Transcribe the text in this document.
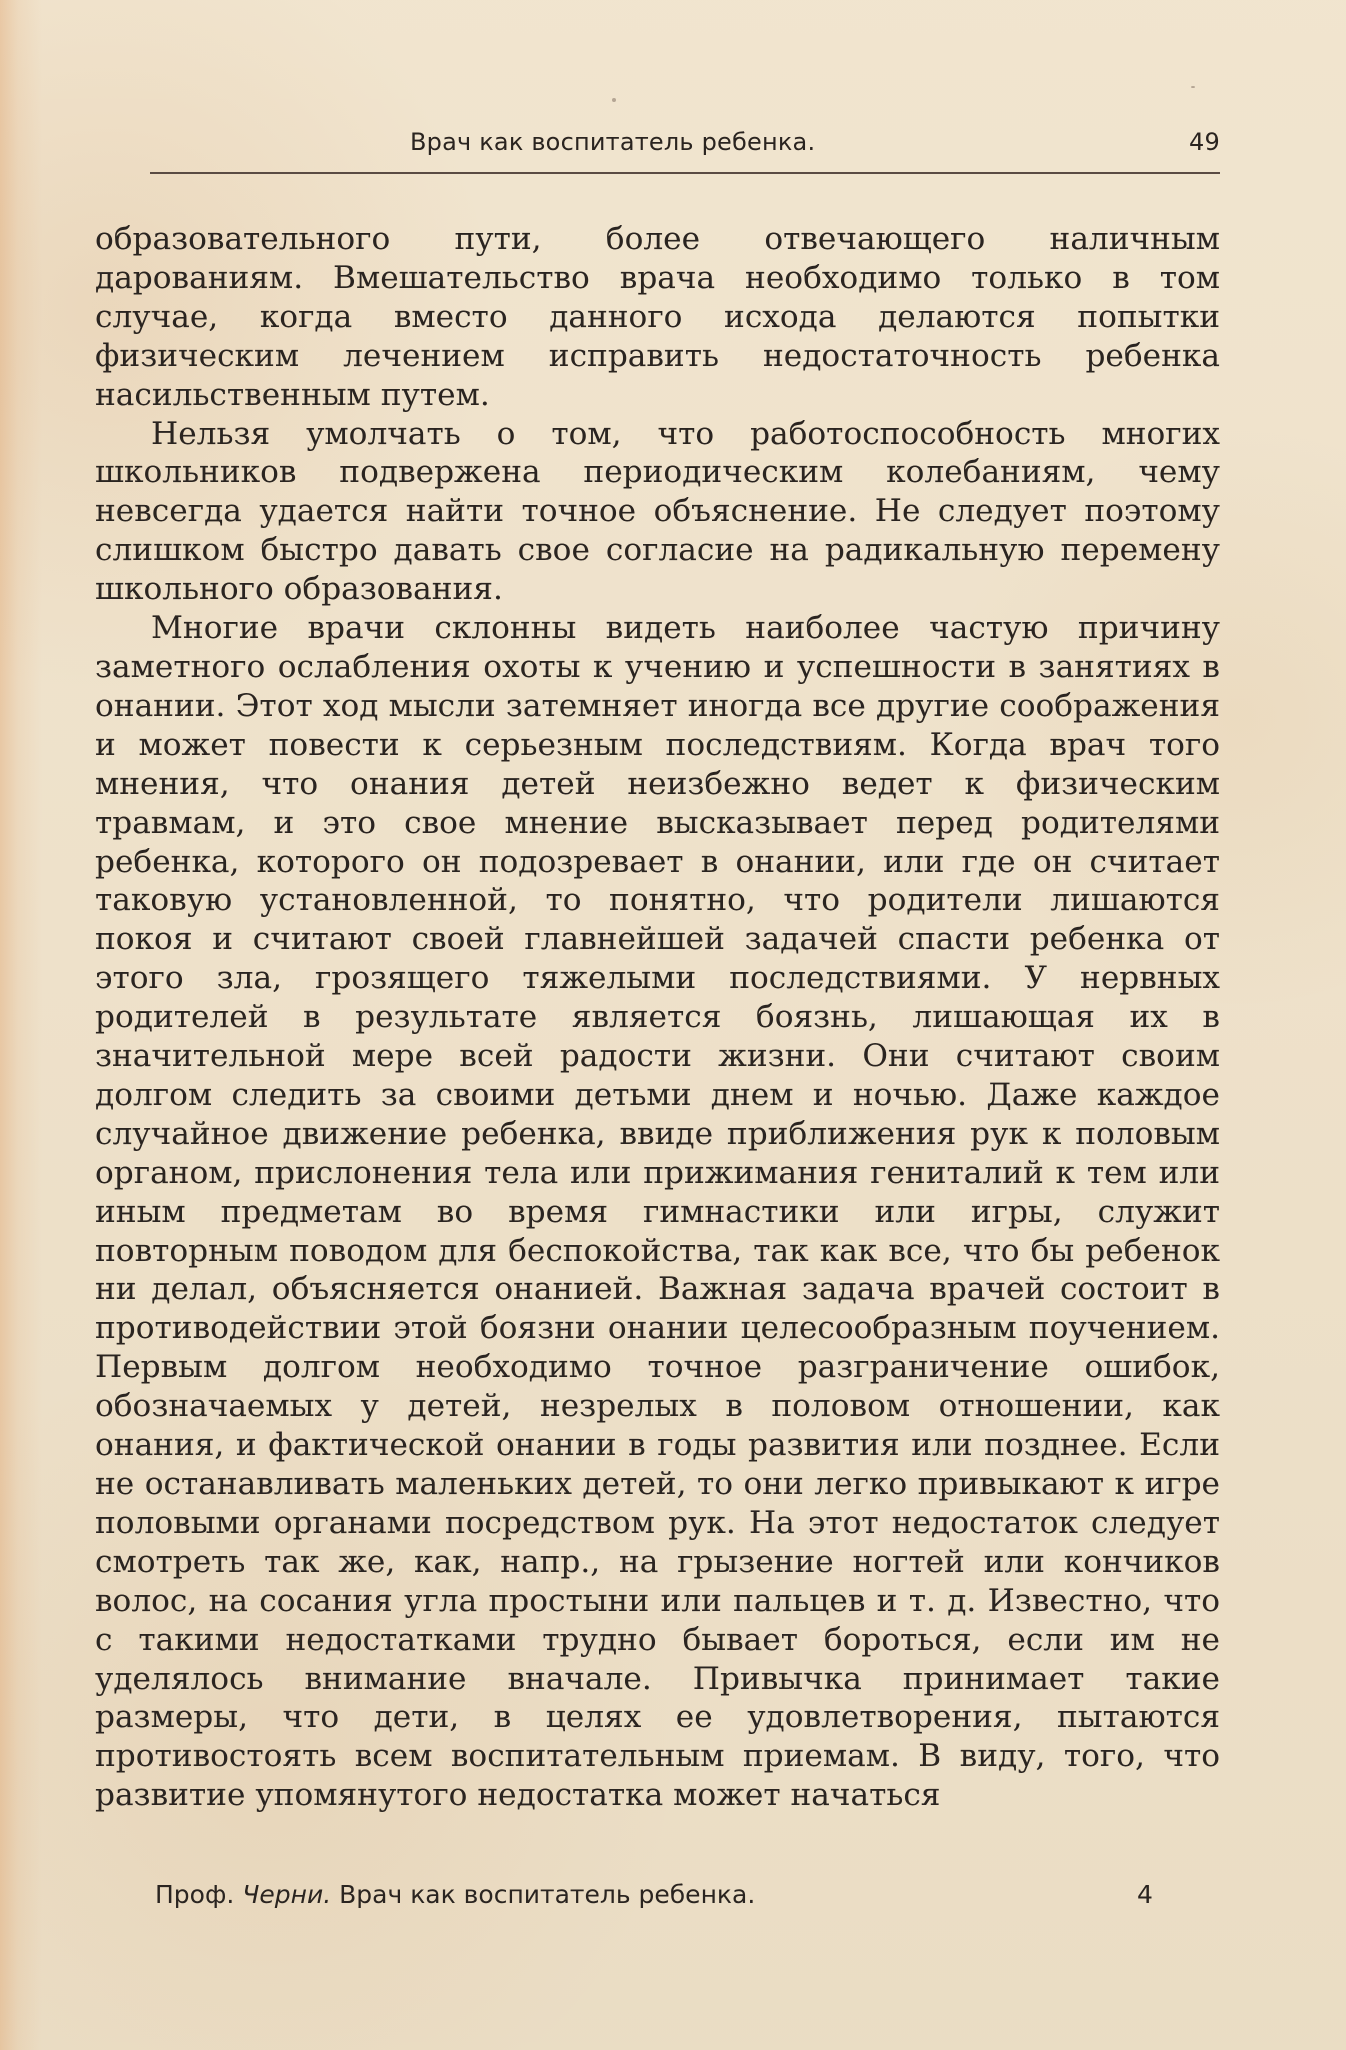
Врач как воспитатель ребенка.	49

образовательного пути, более отвечающего наличным дарованиям. Вмешательство врача необходимо только в том случае, когда вместо данного исхода делаются попытки физическим лечением исправить недостаточность ребенка насильственным путем.

Нельзя умолчать о том, что работоспособность многих школьников подвержена периодическим колебаниям, чему невсегда удается найти точное объяснение. Не следует поэтому слишком быстро давать свое согласие на радикальную перемену школьного образования.

Многие врачи склонны видеть наиболее частую причину заметного ослабления охоты к учению и успешности в занятиях в онании. Этот ход мысли затемняет иногда все другие соображения и может повести к серьезным последствиям. Когда врач того мнения, что онания детей неизбежно ведет к физическим травмам, и это свое мнение высказывает перед родителями ребенка, которого он подозревает в онании, или где он считает таковую установленной, то понятно, что родители лишаются покоя и считают своей главнейшей задачей спасти ребенка от этого зла, грозящего тяжелыми последствиями. У нервных родителей в результате является боязнь, лишающая их в значительной мере всей радости жизни. Они считают своим долгом следить за своими детьми днем и ночью. Даже каждое случайное движение ребенка, ввиде приближения рук к половым органом, прислонения тела или прижимания гениталий к тем или иным предметам во время гимнастики или игры, служит повторным поводом для беспокойства, так как все, что бы ребенок ни делал, объясняется онанией. Важная задача врачей состоит в противодействии этой боязни онании целесообразным поучением. Первым долгом необходимо точное разграничение ошибок, обозначаемых у детей, незрелых в половом отношении, как онания, и фактической онании в годы развития или позднее. Если не останавливать маленьких детей, то они легко привыкают к игре половыми органами посредством рук. На этот недостаток следует смотреть так же, как, напр., на грызение ногтей или кончиков волос, на сосания угла простыни или пальцев и т. д. Известно, что с такими недостатками трудно бывает бороться, если им не уделялось внимание вначале. Привычка принимает такие размеры, что дети, в целях ее удовлетворения, пытаются противостоять всем воспитательным приемам. В виду, того, что развитие упомянутого недостатка может начаться

Проф. Черни. Врач как воспитатель ребенка.	4
